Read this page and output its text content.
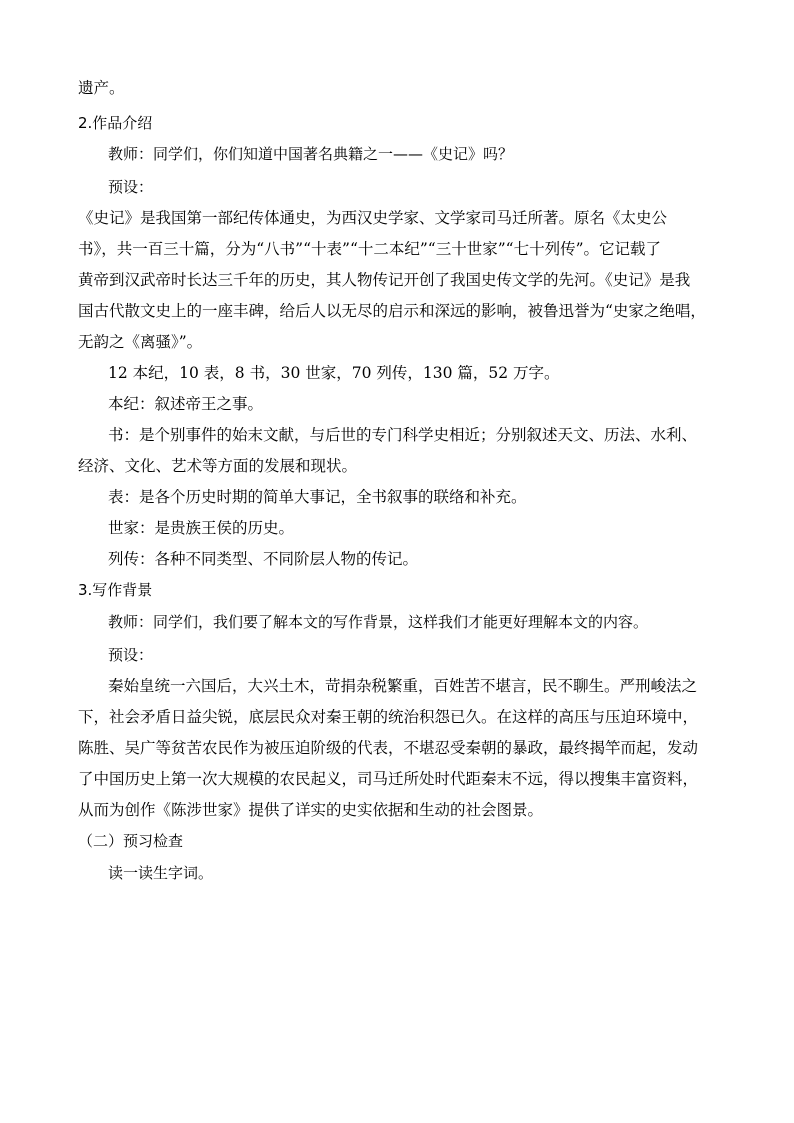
遗产。
2.作品介绍
教师：同学们，你们知道中国著名典籍之一——《史记》吗？
预设：
《史记》是我国第一部纪传体通史，为西汉史学家、文学家司马迁所著。原名《太史公
书》，共一百三十篇，分为“八书”“十表”“十二本纪”“三十世家”“七十列传”。它记载了
黄帝到汉武帝时长达三千年的历史，其人物传记开创了我国史传文学的先河。《史记》是我
国古代散文史上的一座丰碑，给后人以无尽的启示和深远的影响，被鲁迅誉为“史家之绝唱，
无韵之《离骚》”。
12 本纪，10 表，8 书，30 世家，70 列传，130 篇，52 万字。
本纪：叙述帝王之事。
书：是个别事件的始末文献，与后世的专门科学史相近；分别叙述天文、历法、水利、
经济、文化、艺术等方面的发展和现状。
表：是各个历史时期的简单大事记，全书叙事的联络和补充。
世家：是贵族王侯的历史。
列传：各种不同类型、不同阶层人物的传记。
3.写作背景
教师：同学们，我们要了解本文的写作背景，这样我们才能更好理解本文的内容。
预设：
秦始皇统一六国后，大兴土木，苛捐杂税繁重，百姓苦不堪言，民不聊生。严刑峻法之
下，社会矛盾日益尖锐，底层民众对秦王朝的统治积怨已久。在这样的高压与压迫环境中，
陈胜、吴广等贫苦农民作为被压迫阶级的代表，不堪忍受秦朝的暴政，最终揭竿而起，发动
了中国历史上第一次大规模的农民起义，司马迁所处时代距秦末不远，得以搜集丰富资料，
从而为创作《陈涉世家》提供了详实的史实依据和生动的社会图景。
（二）预习检查
读一读生字词。
